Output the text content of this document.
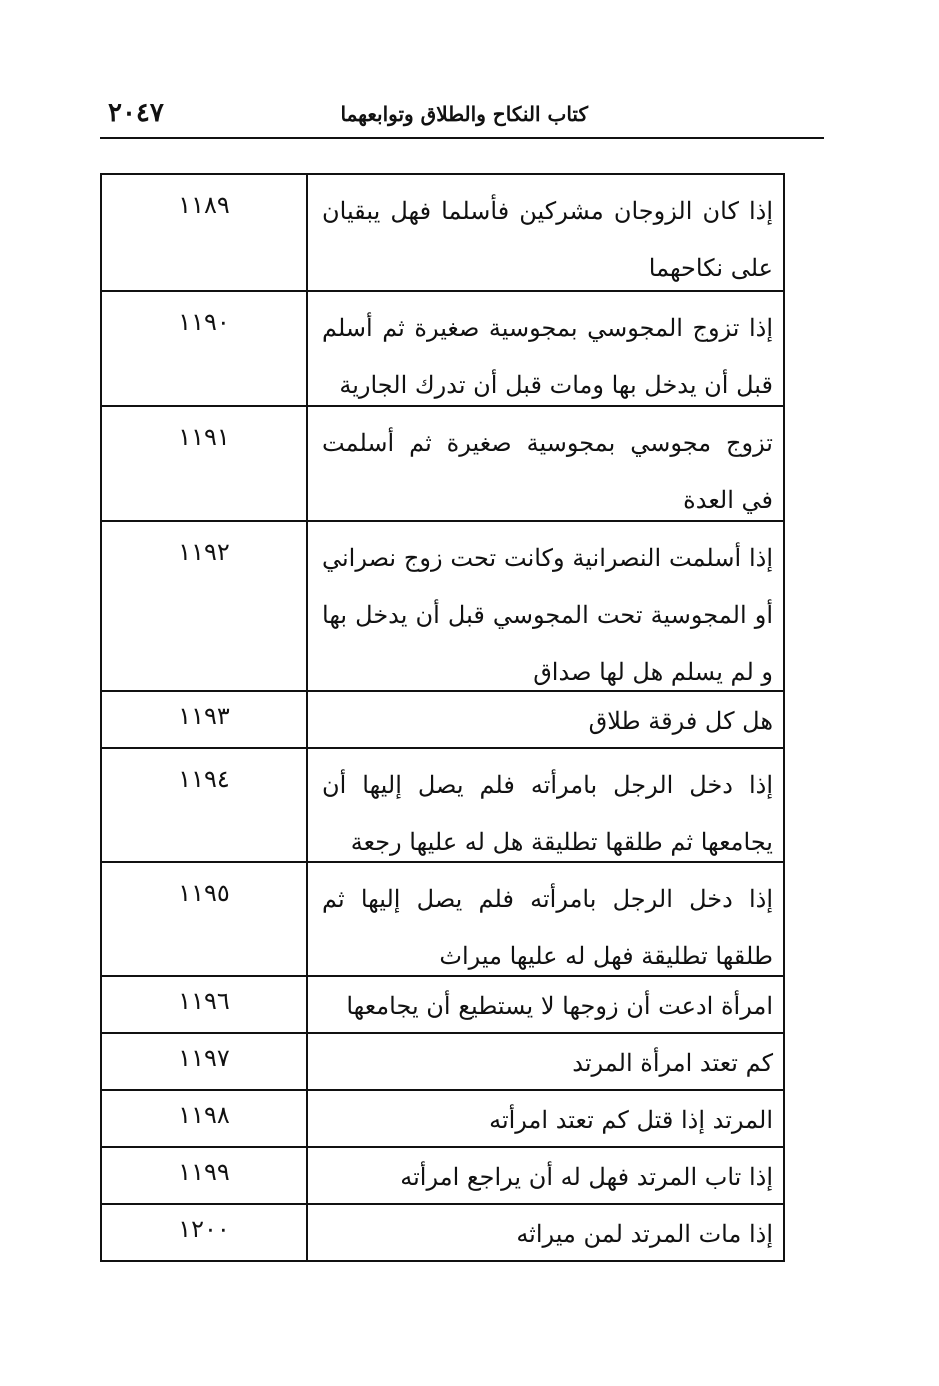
كتاب النكاح والطلاق وتوابعهما
٢٠٤٧
إذا كان الزوجان مشركين فأسلما فهل يبقيان على نكاحهما
١١٨٩
إذا تزوج المجوسي بمجوسية صغيرة ثم أسلم قبل أن يدخل بها ومات قبل أن تدرك الجارية
١١٩٠
تزوج مجوسي بمجوسية صغيرة ثم أسلمت في العدة
١١٩١
إذا أسلمت النصرانية وكانت تحت زوج نصراني أو المجوسية تحت المجوسي قبل أن يدخل بها و لم يسلم هل لها صداق
١١٩٢
هل كل فرقة طلاق
١١٩٣
إذا دخل الرجل بامرأته فلم يصل إليها أن يجامعها ثم طلقها تطليقة هل له عليها رجعة
١١٩٤
إذا دخل الرجل بامرأته فلم يصل إليها ثم طلقها تطليقة فهل له عليها ميراث
١١٩٥
امرأة ادعت أن زوجها لا يستطيع أن يجامعها
١١٩٦
كم تعتد امرأة المرتد
١١٩٧
المرتد إذا قتل كم تعتد امرأته
١١٩٨
إذا تاب المرتد فهل له أن يراجع امرأته
١١٩٩
إذا مات المرتد لمن ميراثه
١٢٠٠
